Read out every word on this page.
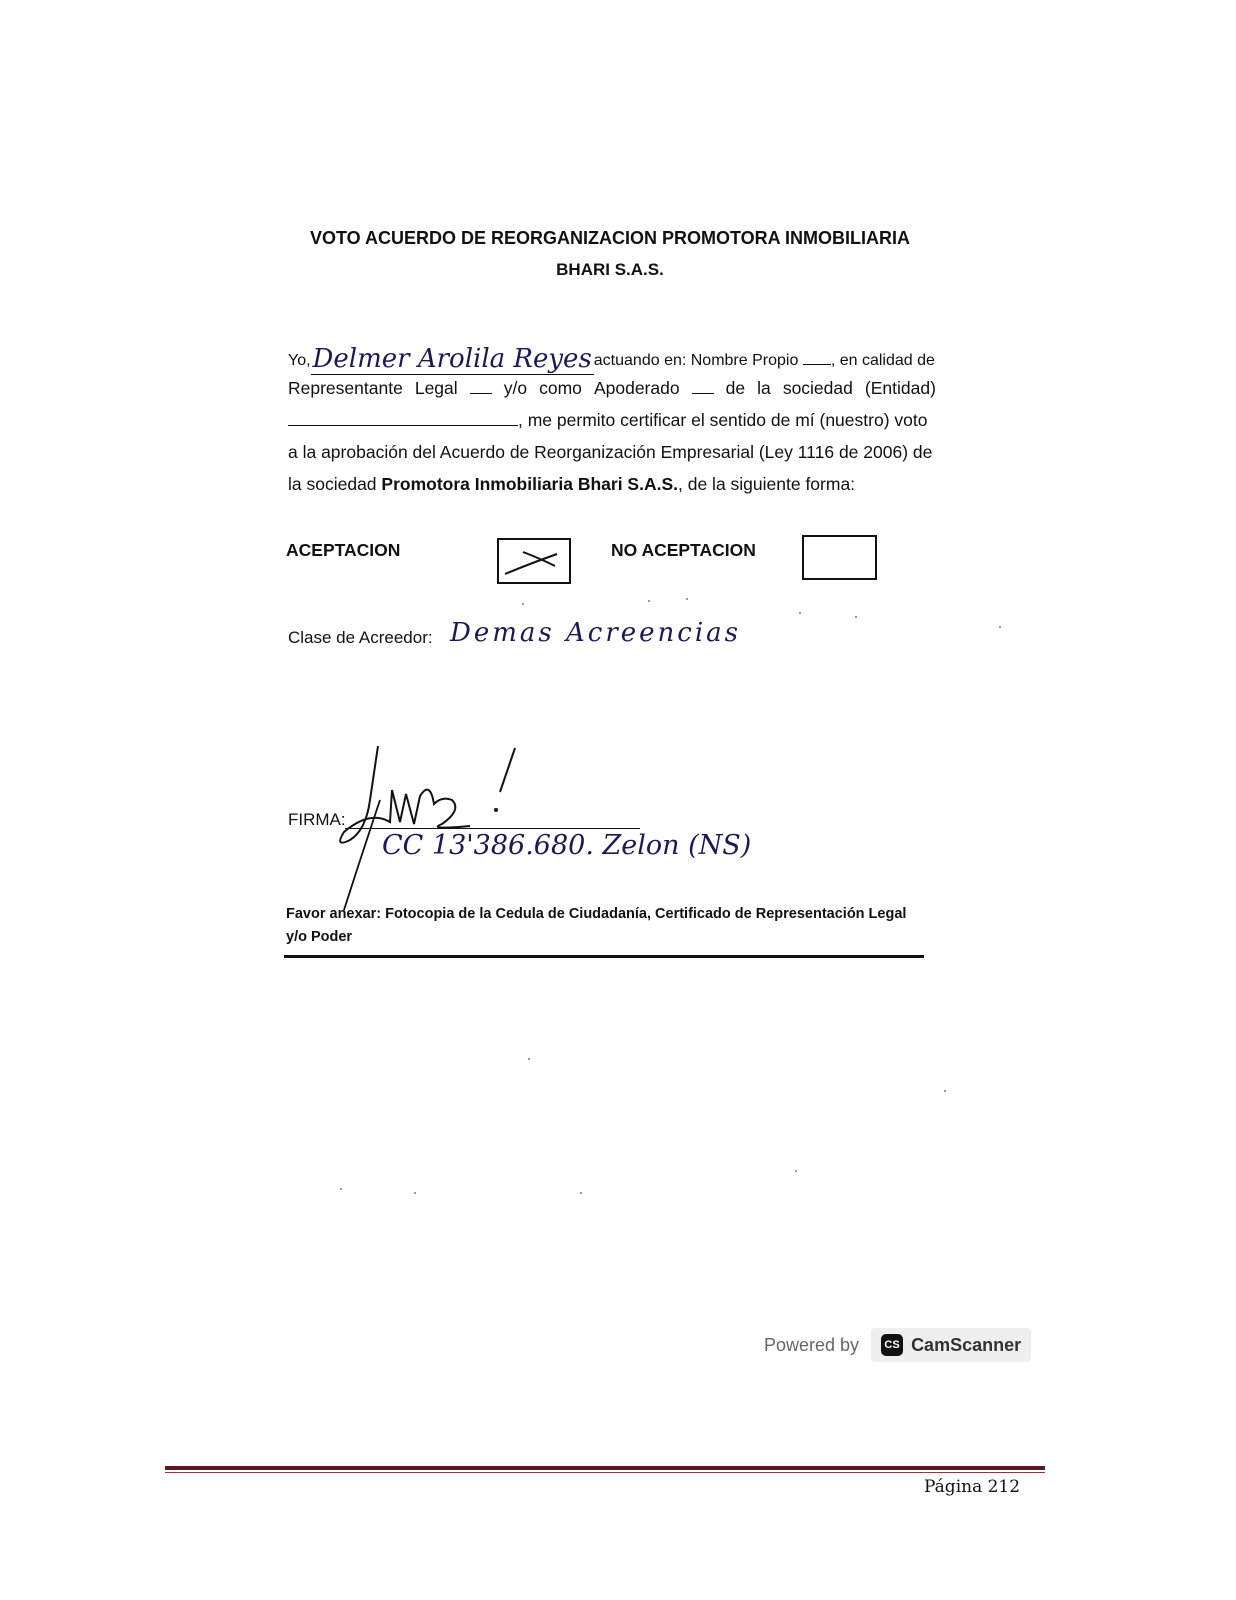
VOTO ACUERDO DE REORGANIZACION PROMOTORA INMOBILIARIA
BHARI S.A.S.
Yo,Delmer Arolila Reyes actuando en: Nombre Propio , en calidad de
Representante Legal	y/o como Apoderado	de la sociedad (Entidad)
, me permito certificar el sentido de mí (nuestro) voto
a la aprobación del Acuerdo de Reorganización Empresarial (Ley 1116 de 2006) de
la sociedad Promotora Inmobiliaria Bhari S.A.S., de la siguiente forma:
ACEPTACION	NO ACEPTACION
Clase de Acreedor: Demas Acreencias
FIRMA:
CC 13'386.680. Zelon (NS)
Favor anexar: Fotocopia de la Cedula de Ciudadanía, Certificado de Representación Legal
y/o Poder
Powered by	CS CamScanner
Página 212
